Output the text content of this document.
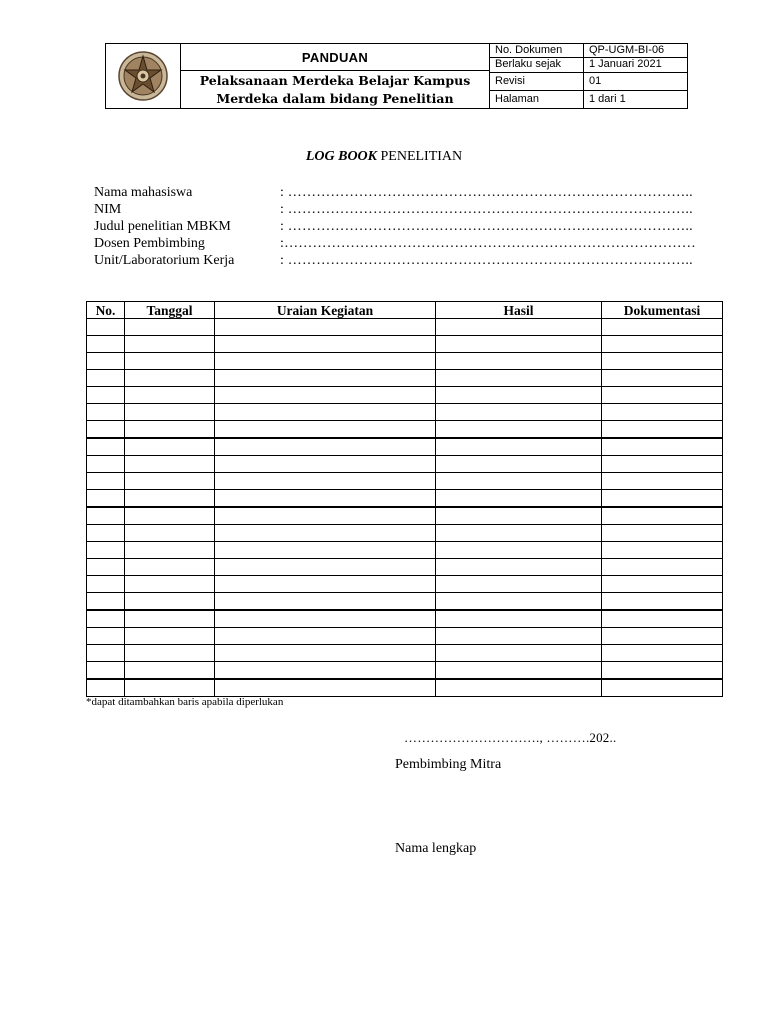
PANDUAN
Pelaksanaan Merdeka Belajar Kampus
Merdeka dalam bidang Penelitian
No. Dokumen	QP-UGM-BI-06
Berlaku sejak	1 Januari 2021
Revisi	01
Halaman	1 dari 1
LOG BOOK PENELITIAN
Nama mahasiswa	: …………………………………………………………………………..
NIM	: …………………………………………………………………………..
Judul penelitian MBKM	: …………………………………………………………………………..
Dosen Pembimbing	:……………………………………………………………………………
Unit/Laboratorium Kerja	: …………………………………………………………………………..
No.	Tanggal	Uraian Kegiatan	Hasil	Dokumentasi

*dapat ditambahkan baris apabila diperlukan
…………………………., ……….202..
Pembimbing Mitra
Nama lengkap
